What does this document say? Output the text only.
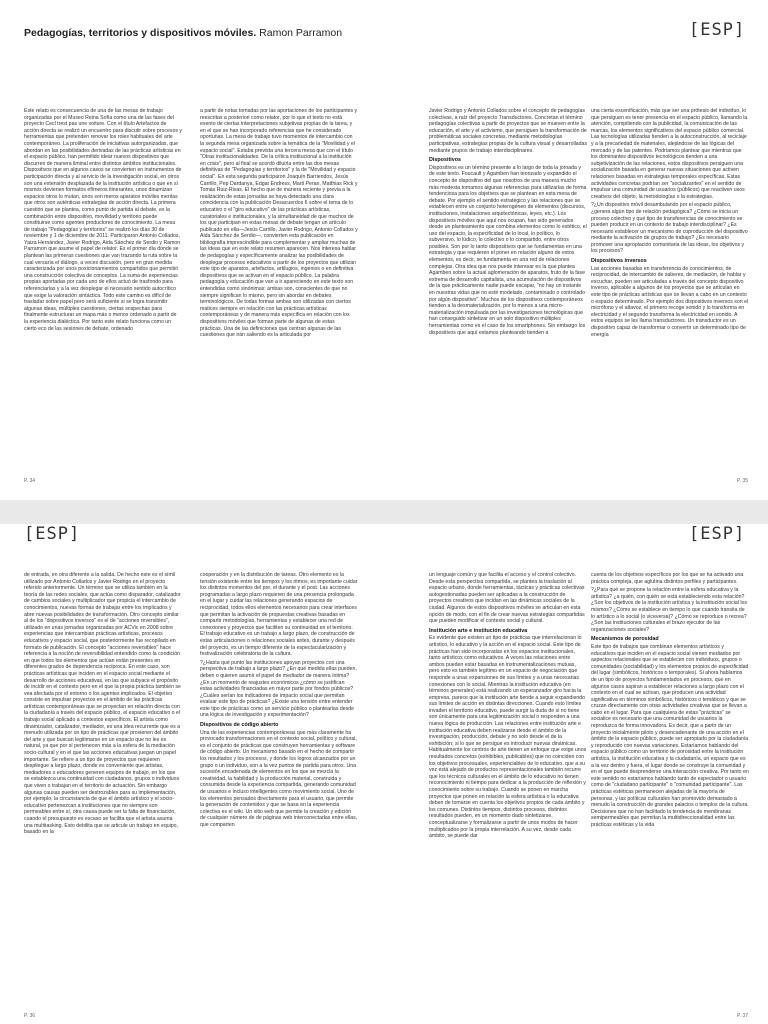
Pedagogías, territorios y dispositivos móviles. Ramon Parramon

Este relato es consecuencia de una de las mesas de trabajo organizadas por el Museo Reina Sofía como una de las fases del proyecto Cecl trest pas une voiture. Con el título Artefactos de acción directa se realizó un encuentro para discutir sobre procesos y herramientas que pretenden renovar los roles habituales del arte contemporáneo. La proliferación de iniciativas autorganizadas, que abordan en las posibilidades derivadas de las prácticas artísticas en el espacio público, han permitido idear nuevos dispositivos que discurren de manera liminal entre distintos ámbitos institucionales. Dispositivos que en algunos casos se convierten en instrumentos de participación directa y al servicio de la investigación social, en otros son una extensión desplazada de la institución artística o que en sí mismos devienen formatos efímeros itinerantes, unos dinamizan espacios otros lo mutan, unos son meros aparatos móviles meritas que otros son auténticas estrategias de acción directa. La primera cuestión que se plantea, como punto de partida al debate, es la combinación entre dispositivo, movilidad y territorio puede constituirse como agentes productores de conocimiento. La mesa de trabajo "Pedagogías y territorios" se realizó los días 30 de noviembre y 1 de diciembre de 2011. Participaron Antonio Collados, Yaiza Hernández, Javier Rodrigo, Aida Sánchez de Serdio y Ramon Parramon que asume el papel de relator. Es el primer día donde se plantean las primeras cuestiones que van trazando la ruta sobre la cual versaría el diálogo, a veces discusión, pero en gran medida caracterizada por unos posicionamientos compartidos que permitió una construcción colectiva de conceptos. La suma de experiencias propias aportadas por cada uno de ellos actuó de trasfondo para referenciarlas y a la vez desplegar el necesario sentido autocrítico que exige la valoración sintáctica. Todo este camino es difícil de trasladar sobre papel pero será suficiente si se logra transmitir algunas ideas, múltiples cuestiones, ciertas sospechas para finalmente estructurar un mapa más o menos ordenado a partir de la experiencia dialéctica. Por tanto este relato funciona como un cierto eco de las sesiones de debate, ordenado

a partir de notas tomadas por las aportaciones de los participantes y reescritas a posteriori como relator, por lo que el texto no está exento de ciertas interpretaciones subjetivas propias de la tarea, y en el que se han incorporado referencias que he considerado oportunas. La mesa de trabajo tuvo momentos de intercambio con la segunda mesa organizada sobre la temática de la "Movilidad y el espacio social". Estaba prevista una tercera mesa que con el título "Otras institucionalidades. De la crítica institucional a la institución en crisis", pero al final se acordó diluirla entre las dos mesas definitivas de "Pedagogías y territorios" y la de "Movilidad y espacio social". En esta segunda participaron Joaquín Barriendos, Jesús Carrillo, Pep Dardanya, Edgar Endress, Marti Peran, Matthias Rick y Tomás Ruiz-Rivas. El hecho que de manera reciente y previa a la realización de estas jornadas se haya detectado una clara coincidencia con la publicación Desacuerdos 6 sobre el tema de lo educativo o el "giro educativo" de las prácticas artísticas, curatoriales e institucionales, y la simultaneidad de que muchos de los que participan en estas mesas de debate tengan un artículo publicado en ella—Jesús Carrillo, Javier Rodrigo, Antonio Collados y Aida Sánchez de Serdio—, convierten esta publicación en bibliografía imprescindible para complementar y ampliar muchas de las ideas que en este relato resumen aparecen. Nos interesa hablar de pedagogías y específicamente analizar las posibilidades de desplegar procesos educativos a partir de los proyectos que utilizan este tipo de aparatos, artefactos, artilugios, ingenios o en definitiva dispositivos que se activan en el espacio público. La palabra pedagogía y educación que van a ir apareciendo en este texto son entendidas como sinónimas: ambas son, conscientes de que no siempre significan lo mismo, pero sin abordar en debates terminológicos. De todas formas ambas son utilizadas con ciertos matices siempre en relación con las prácticas artísticas contemporáneas y de manera más específica en relación con los dispositivos móviles que forman parte de algunas de estas prácticas. Una de las definiciones que centran algunas de las cuestiones que irán saliendo es la articulada por

P. 34
[ESP]

Javier Rodrigo y Antonio Collados sobre el concepto de pedagogías colectivas, a raíz del proyecto Transductores. Concretan el término pedagogías colectivas a partir de proyectos que se mueven entre la educación, el arte y el activismo, que persiguen la transformación de problemáticas sociales concretas, mediante metodologías participativas, estrategias propias de la cultura visual y desarrolladas mediante grupos de trabajo interdisciplinares.

Dispositivos

Dispositivos es un término presente a lo largo de toda la jornada y de este texto. Foucault y Agamben han teorizado y expandido el concepto de dispositivo del que nosotros de una manera mucho más modesta tomamos algunas referencias para utilizarlas de forma tendenciosa para los objetivos que se plantean en esta mesa de debate. Por ejemplo el sentido estratégico y las relaciones que se establecen entre un conjunto heterogéneo de elementos (discursos, instituciones, instalaciones arquitectónicas, leyes, etc.). Los dispositivos móviles que aquí nos ocupan, han sido generados desde un planteamiento que combina elementos como lo estético, el uso del espacio, la especificidad de lo local, lo político, lo subversivo, lo lúdico, lo colectivo o lo compartido, entre otros posibles. Son por lo tanto dispositivos que se fundamentan en una estrategia y que requieren el poner en relación alguno de estos elementos, es decir, se fundamenta en una red de relaciones complejas. Otra idea que nos puede interesar es la que plantea Agamben sobre la actual aglomeración de aparatos, fruto de la fase extrema de desarrollo capitalista, una acumulación de dispositivos de la que prácticamente nadie puede escapar, "no hay un instante en nuestras vidas que no esté modelado, contaminado o controlado por algún dispositivo". Muchos de los dispositivos contemporáneos tienden a la desmaterialización, por lo menos a una micro-materialización impulsada por las investigaciones tecnológicas que han conseguido sintetizar en un solo dispositivo múltiples herramientas como es el caso de los smartphones. Sin embargo los dispositivos que aquí estamos planteando tienden a

una cierta escenificación, más que ser una prótesis del individuo, lo que persiguen es tener presencia en el espacio público, llamando la atención, compitiendo con la publicidad, la comunicación de las marcas, los elementos significativos del espacio público comercial. Las tecnologías utilizadas tienden a la autoconstrucción, al reciclaje y a la precariedad de materiales, alejándose de las lógicas del mercado y de las patentes. Podríamos plantear que mientras que los dominantes dispositivos tecnológicos tienden a una subjetivización de las relaciones, estos dispositivos persiguen una socialización basada en generar nuevas situaciones que activen relaciones basadas en estrategias temporales específicas. Estas actividades concretas podrían ser "socializantes" en el sentido de impulsar una comunidad de usuarios (públicos) que reactiven usos creativos del objeto, la metodologías o la estrategias.

?¿Un dispositivo móvil desambulando por el espacio público, ¿genera algún tipo de relación pedagógica? ¿Cómo se inicia un proceso colectivo y qué tipo de transferencias de conocimiento se pueden producir en un contexto de trabajo interdisciplinar? ¿Es necesario establecer un mecanismo de coproducción del dispositivo mediante la activación de grupos de trabajo? ¿Es necesario promover una apropiación comunitaria de las ideas, los objetivos y los procesos?

Dispositivos inversos

Las acciones basadas en transferencia de conocimientos, de reciprocidad, de intercambio de saberes, de mediación, de hablar y escuchar, pueden ser articuladas a través del concepto dispositivo inverso, aplicable a algunos de los proyectos que se articulan en este tipo de prácticas artísticas que se llevan a cabo en un contexto o espacio determinado. Por ejemplo dos dispositivos inversos son el micrófono y el altavoz, el primero recoge sonido y lo transforma en electricidad y el segundo transforma la electricidad en sonido. A estos equipos se les llama transductores. Un transductor es un dispositivo capaz de transformar o convertir un determinado tipo de energía

P. 35
[ESP]

de entrada, en otra diferente a la salida. De hecho este es el símil utilizado por Antonio Collados y Javier Rodrigo en el proyecto referido anteriormente. Un término que se utiliza también en la teoría de las redes sociales, que actúa como disparador, catalizador de cambios sociales y multiplicador que propicia el intercambio de conocimientos, nuevas formas de trabajar entre los implicados y abre nuevas posibilidades de transformación. Otro concepto similar al de los "dispositivos inversos" es el de "acciones reversibles", utilizado en unas jornadas organizadas por ACVic en 2008 sobre experiencias que intercambian prácticas artísticas, procesos educativos y espacio social, que posteriormente fue recopilado en formato de publicación. El concepto "acciones reversibles" hace referencia a la noción de reversibilidad entendido como la condición en que todos los elementos que actúan están presentes en diferentes grados de dependencia recíproca. En este caso, son prácticas artísticas que inciden en el espacio social mediante el desarrollo de acciones educativas, en las que subyace el propósito de incidir en el contexto pero en el que la propia práctica también se vea afectada por el entorno o los agentes implicados. El objetivo consiste en impulsar proyectos en el ámbito de las prácticas artísticas contemporáneas que se proyectan en relación directa con la ciudadanía a través del espacio público, el espacio educativo o el trabajo social aplicado a contextos específicos. El artista como dinamizador, catalizador, mediador, es una idea recurrente que es a menudo utilizada por un tipo de prácticas que provienen del ámbito del arte y que buscan legitimarse en un espacio que no les es natural, ya que por sí pertenecen más a la esfera de la mediación socio-cultural y en el que las acciones educativas juegan un papel importante. Se refiere a un tipo de proyectos que requieren despliegue a largo plazo, donde es conveniente que artistas, mediadores o educadores generen equipos de trabajo, en los que se establezca una continuidad con ciudadanos, grupos o individuos que viven o trabajan en el territorio de actuación. Sin embargo algunas causas pueden ser destrozables para su implementación, por ejemplo, la circunstancia de que el ámbito artístico y el socio-educativo pertenezcan a instituciones que no siempre son permeables entre sí, otra causa puede ser la falta de financiación, cuando el presupuesto es escaso se facilita que el artista asuma una multitasking. Esto debilita que se articule un trabajo en equipo, basado en la

cooperación y en la distribución de tareas. Otro elemento es la tensión existente entre los tiempos y los ritmos, es importante cuidar los distintos momentos del pre, el durante y el post. Las acciones programadas a largo plazo requieren de una presencia prolongada en el lugar y cuidar las relaciones generando espacios de reciprocidad, todos ellos elementos necesarios para crear interfaces que permitan la activación de propuestas creativas basadas en compartir metodologías, herramientas y establecer una red de conexiones y proyectos que faciliten su continuidad en el territorio. El trabajo educativo es un trabajo a largo plazo, de construcción de estas articulaciones o relaciones sociales antes, durante y después del proyecto, es un tiempo diferente de la espectacularización y festivalización celebratoria de la cultura.

?¿Hasta qué punto las instituciones apoyan proyectos con una perspectiva de trabajo a largo plazo? ¿En qué medida ellas pueden, deben o quieren asumir el papel de mediador de manera íntima? ¿En un momento de reajustes económicos ¿cómo se justifican estas actividades financiadas en mayor parte por fondos públicos? ¿Cuáles serían los indicadores de impacto social que permitan evaluar este tipo de prácticas? ¿Existe una tensión entre entender este tipo de prácticas como un servicio público o plantearlas desde una lógica de investigación y experimentación?

Dispositivos de código abierto

Una de las experiencias contemporáneas que más claramente ha provocado transformaciones en el contexto social, político y cultural, es el conjunto de prácticas que construyen herramientas y software de código abierto. Un mecanismo basado en el hecho de compartir los resultados y los procesos, y donde los logros alcanzados por un grupo o un individuo, son a la vez puntos de partida para otros. Una sucesión encadenada de elementos en los que se mezcla la creatividad, la habilidad y la producción material, construida y consumida desde la experiencia compartida, generando comunidad de usuarios e incluso intelligentes como movimiento social. Uno de los elementos pensados directamente para el usuario, que permite la generación de contenidos y que se basa en la experiencia colectiva es el wiki. Un sitio web que permite la creación y edición de cualquier número de de páginas web interconectadas entre ellas, que comparten

P. 36
[ESP]

un lenguaje común y que facilita el acceso y el control colectivo. Desde esta perspectiva compartida, se plantea la traslación al espacio urbano, donde herramientas, tácticas y prácticas colectivas autogestionadas pueden ser aplicadas a la construcción de proyectos creativos que incidan en las dinámicas sociales de la ciudad. Algunos de estos dispositivos móviles se articulan en esta opción de modo, con el fin de crear nuevas estrategias compartidas que pueden modificar el contexto social y cultural.

Institución arte e institución educativa

Es evidente que existen un tipo de prácticas que interrelacionan lo artístico, lo educativo y la acción en el espacio social. Este tipo de prácticas han sido incorporadas en los espacios institucionales, tanto artísticos como educativos. A veces las relaciones entre ambos pueden estar basadas en instrumentalizaciones mutuas, pero esto es también legítimo en un espacio de negociación que responde a unas expansiones de sus límites y a unas necesarias conexiones con lo social. Mientras la institución educativa (en términos generales) está realizando un esperanzador giro hacia la empresa, parece que la institución arte tiende a seguir expandiendo sus límites de acción en distintas direcciones. Cuando esto límites invaden el territorio educativo, puede surgir la duda de si no tiene son únicamente para una legitimización social o responden a una nueva lógica de producción. Las relaciones entre institución arte e institución educativa deben realizarse desde el ámbito de la investigación, producción, debate y no solo desde el de la exhibición; si lo que se persigue es introducir nuevas dinámicas. Habitualmente los centros de arte tienen un enfoque que exige unos resultados concretos (exhibibles, publicables) que no coinciden con los objetivos procesuales, experienciables de lo educativo, que a su vez está alejado de productos representacionales también recurre que los técnicos culturales en el ámbito de lo educativo no tienen reconocimiento ni tiempo para dedicar a la producción de reflexión y conocimiento sobre su trabajo. Cuando se ponen en marcha proyectos que ponen en relación la esfera artística o la educativa deben de tomarse en cuenta los objetivos propios de cada ámbito y los comunes. Distintos tiempos, distintos procesos, distintos resultados pueden, en un momento dado sintetizarse, conceptualizarse y formalizarse a partir de unos modos de hacer multiplicados por la propia interrelación. A su vez, desde cada ámbito, se puede dar

cuenta de los objetivos específicos por los que se ha activado una práctica compleja, que aglutina distintos perfiles y participantes.

?¿Para qué se propone la relación entre la esfera educativa y la artística? ¿a quién, con quién se está estableciendo esta relación? ¿Son los objetivos de la institución artística y la institución social los mismos? ¿Cómo se establece en tiempo lo que cuando transita de lo artístico a lo social (o viceversa)? ¿Cómo se reproduce o recrea? ¿Son las instituciones culturales el brazo ejecutor de las organizaciones sociales?

Mecanismos de porosidad

Este tipo de trabajos que combinan elementos artísticos y educativos que inciden en el espacio social vienen mediados por aspectos relacionales que se establecen con individuos, grupos o comunidades (sociabilidad) y los elementos propios de especificidad del lugar (simbólicos, históricos o temporales). Si ahora hablamos de un tipo de proyectos fundamentados en procesos, que en algunos casos aspiran a establecer relaciones a largo plazo con el contexto en el cual se activan, que producen una actividad significativa en términos simbólicos, históricos o temáticos y que se cruzan directamente con otras actividades creativas que se llevan a cabo en el lugar. Para que cualquiera de estas "prácticas" se socialice es necesario que una comunidad de usuarios la reproduzca de forma innovadora. Es decir, que a partir de un proyecto inicialmente piloto y desencadenante de una acción en el ámbito de la espacio público, puede ser apropiado por la ciudadanía y reproducido con nuevas variaciones. Estaríamos hablando del espacio público como un territorio de porosidad entre la institución artística, la institución educativa y la ciudadanía, un espacio que es a la vez dentro y fuera, el lugar donde se construye la comunidad y en el que puede desprenderse una interacción creativa. Por tanto en este sentido no estaríamos hablando tanto de espectador o usuario como de "ciudadano participante" o "comunidad participante". Las prácticas estéticas permanecen alejadas de la mayoría de personas, y las políticas culturales han promovido demasiado a menudo la construcción de grandes palacios o templos de la cultura. Decisiones que no han facilitado la tendencia de membranas semipermeables que permitan la multidireccionalidad entre las prácticas estéticas y la vida

P. 37
